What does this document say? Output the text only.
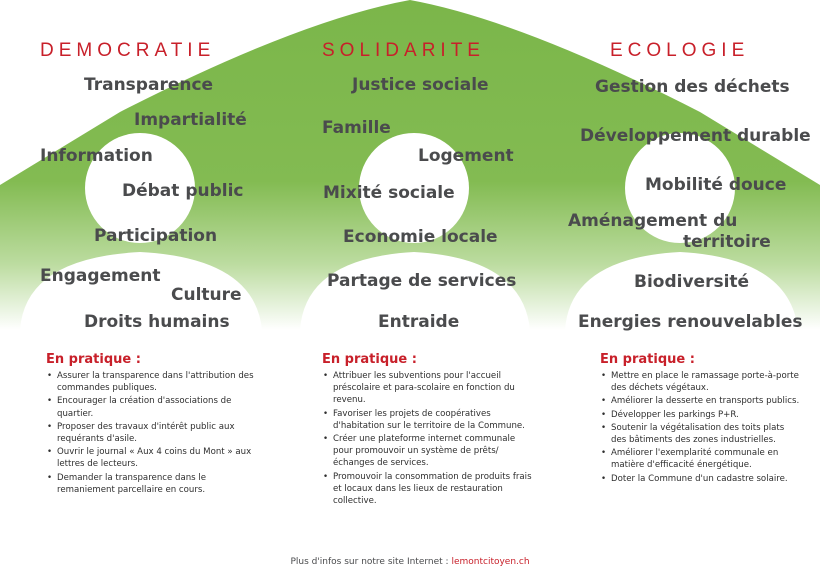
DEMOCRATIE	SOLIDARITE	ECOLOGIE
Transparence
Impartialité
Information
Débat public
Participation
Engagement
Culture
Droits humains
Justice sociale
Famille
Logement
Mixité sociale
Economie locale
Partage de services
Entraide
Gestion des déchets
Développement durable
Mobilité douce
Aménagement du
territoire
Biodiversité
Energies renouvelables
En pratique :
• Assurer la transparence dans l'attribution des commandes publiques.
• Encourager la création d'associations de quartier.
• Proposer des travaux d'intérêt public aux requérants d'asile.
• Ouvrir le journal « Aux 4 coins du Mont » aux lettres de lecteurs.
• Demander la transparence dans le remaniement parcellaire en cours.
En pratique :
• Attribuer les subventions pour l'accueil préscolaire et para-scolaire en fonction du revenu.
• Favoriser les projets de coopératives d'habitation sur le territoire de la Commune.
• Créer une plateforme internet communale pour promouvoir un système de prêts/échanges de services.
• Promouvoir la consommation de produits frais et locaux dans les lieux de restauration collective.
En pratique :
• Mettre en place le ramassage porte-à-porte des déchets végétaux.
• Améliorer la desserte en transports publics.
• Développer les parkings P+R.
• Soutenir la végétalisation des toits plats des bâtiments des zones industrielles.
• Améliorer l'exemplarité communale en matière d'efficacité énergétique.
• Doter la Commune d'un cadastre solaire.
Plus d'infos sur notre site Internet : lemontcitoyen.ch
